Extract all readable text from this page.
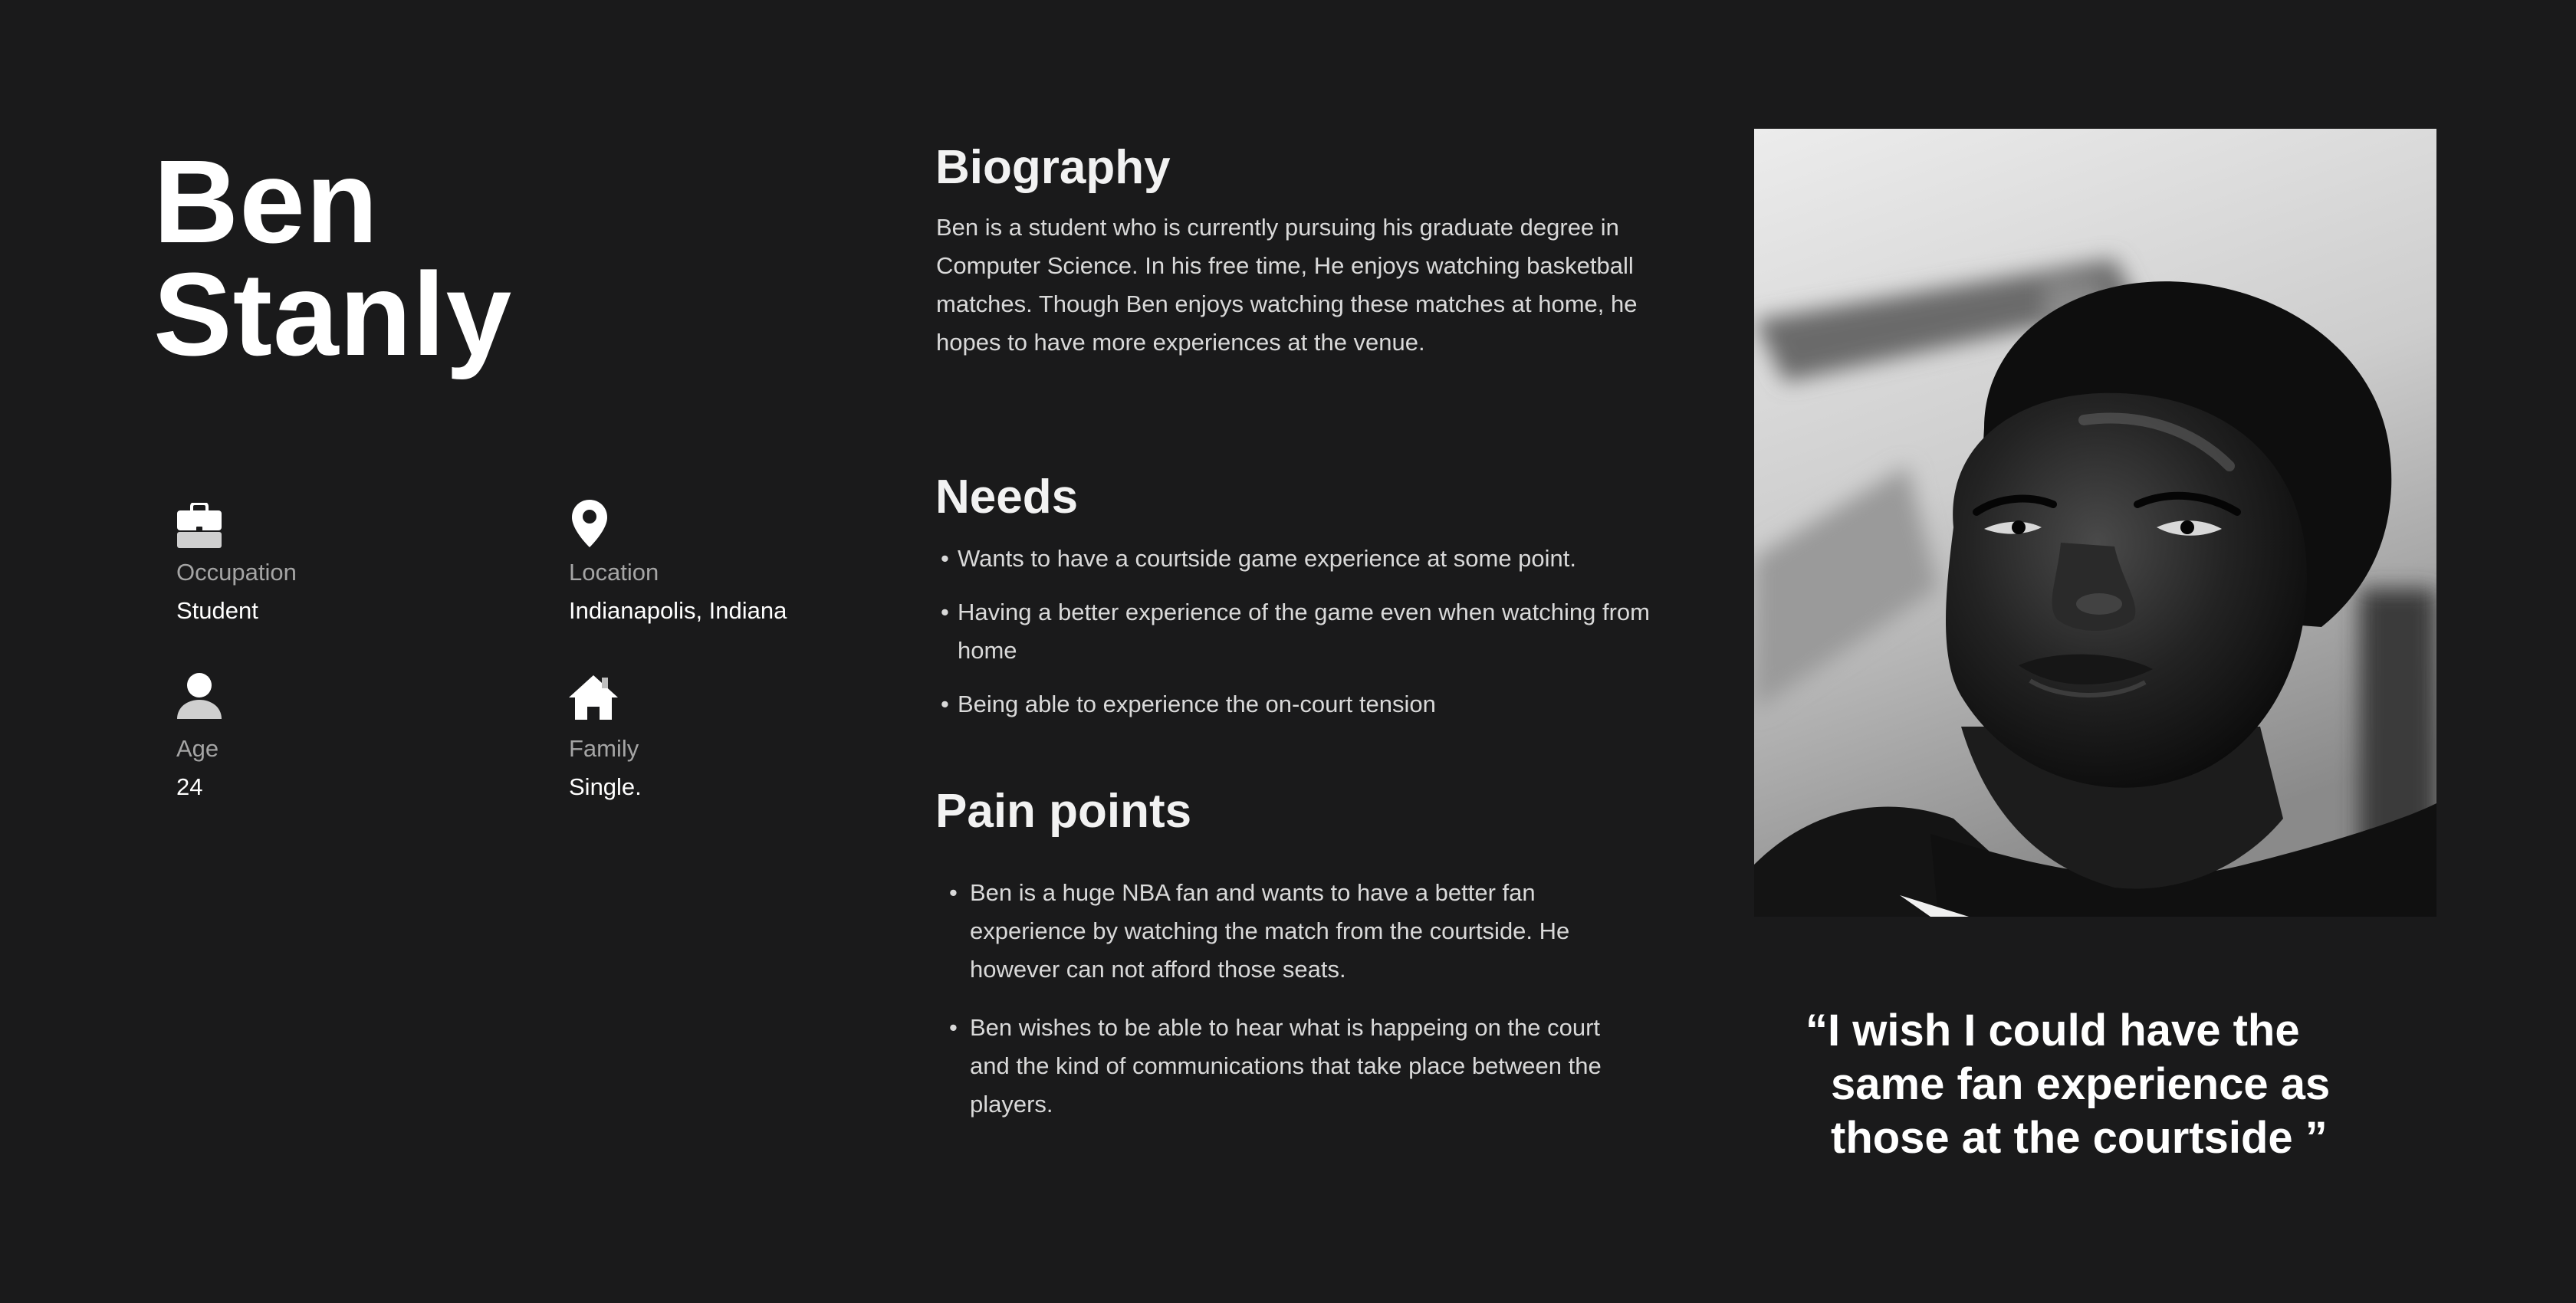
Ben
Stanly
Occupation
Student
Location
Indianapolis, Indiana
Age
24
Family
Single.
Biography

Ben is a student who is currently pursuing his graduate degree in Computer Science. In his free time, He enjoys watching basketball matches. Though Ben enjoys watching these matches at home, he hopes to have more experiences at the venue.

Needs
• Wants to have a courtside game experience at some point.
• Having a better experience of the game even when watching from home
• Being able to experience the on-court tension
Pain points
• Ben is a huge NBA fan and wants to have a better fan experience by watching the match from the courtside. He however can not afford those seats.
• Ben wishes to be able to hear what is happeing on the court and the kind of communications that take place between the players.

“I wish I could have the
same fan experience as
those at the courtside ”
